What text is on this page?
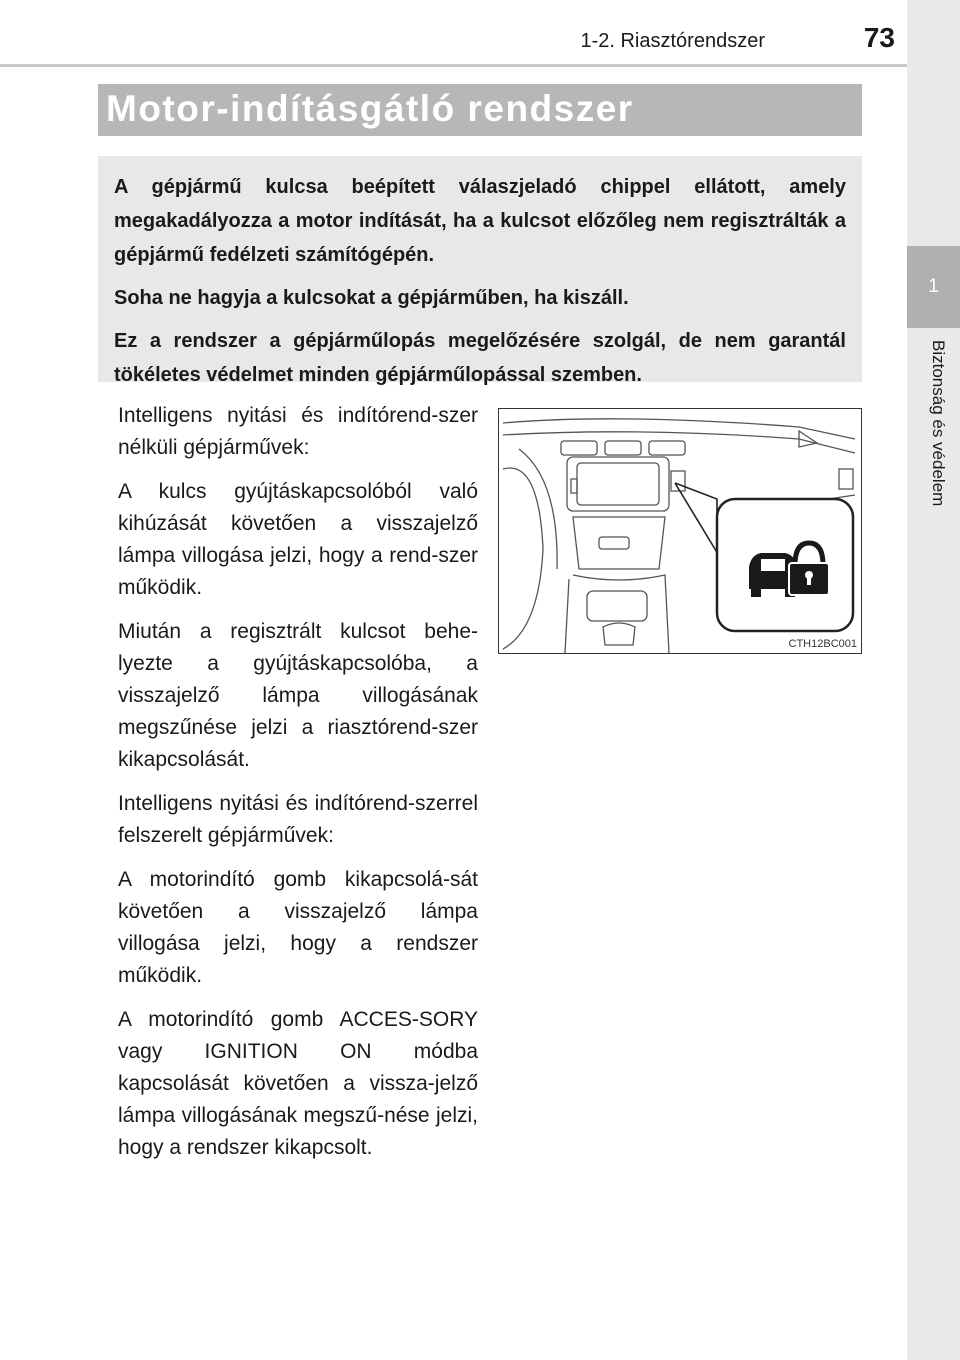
1-2. Riasztórendszer	73
1
Biztonság és védelem
Motor-indításgátló rendszer

A gépjármű kulcsa beépített válaszjeladó chippel ellátott, amely megakadályozza a motor indítását, ha a kulcsot előzőleg nem regisztrálták a gépjármű fedélzeti számítógépén.

Soha ne hagyja a kulcsokat a gépjárműben, ha kiszáll.

Ez a rendszer a gépjárműlopás megelőzésére szolgál, de nem garantál tökéletes védelmet minden gépjárműlopással szemben.

Intelligens nyitási és indítórend-szer nélküli gépjárművek:

A kulcs gyújtáskapcsolóból való kihúzását követően a visszajelző lámpa villogása jelzi, hogy a rend-szer működik.

Miután a regisztrált kulcsot behe-lyezte a gyújtáskapcsolóba, a visszajelző lámpa villogásának megszűnése jelzi a riasztórend-szer kikapcsolását.

Intelligens nyitási és indítórend-szerrel felszerelt gépjárművek:

A motorindító gomb kikapcsolá-sát követően a visszajelző lámpa villogása jelzi, hogy a rendszer működik.

A motorindító gomb ACCES-SORY vagy IGNITION ON módba kapcsolását követően a vissza-jelző lámpa villogásának megszű-nése jelzi, hogy a rendszer kikapcsolt.

CTH12BC001
